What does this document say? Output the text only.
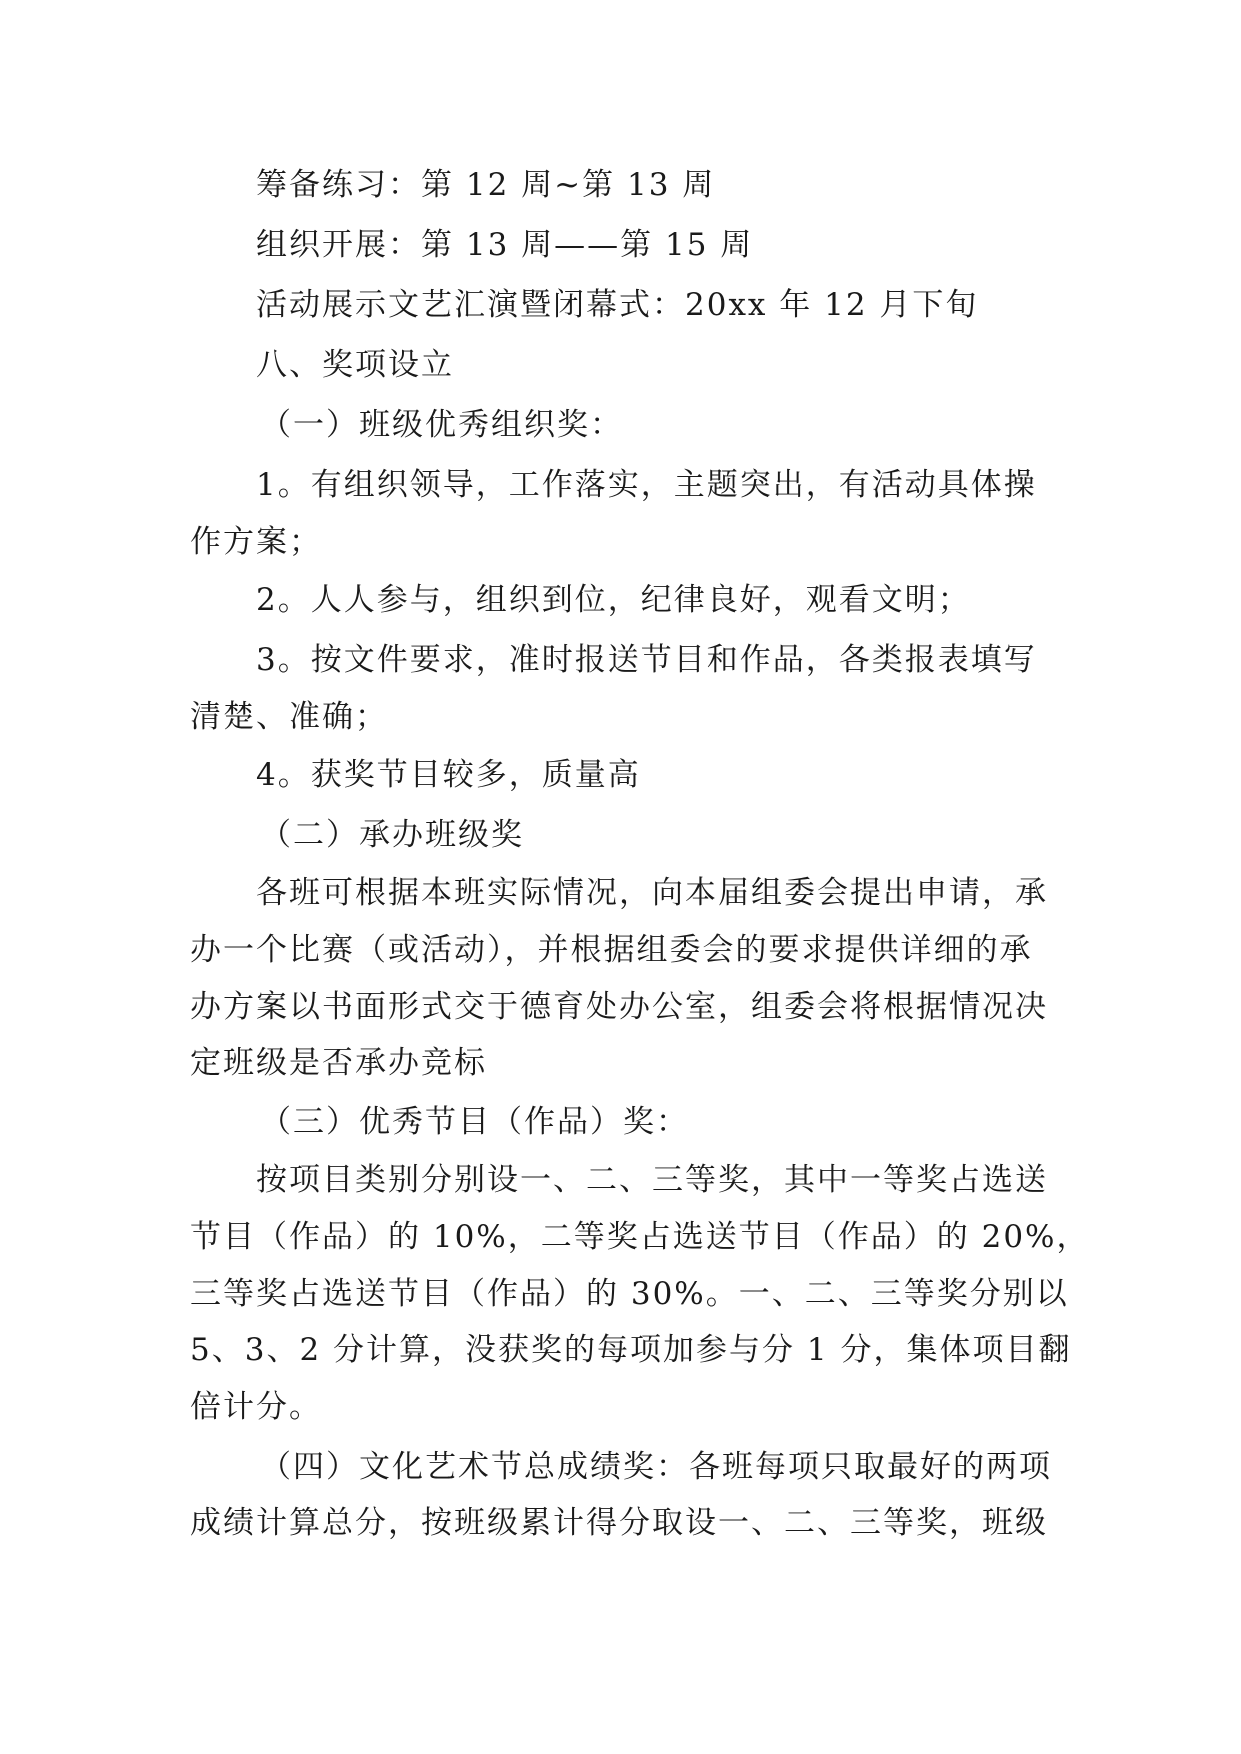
筹备练习：第 12 周~第 13 周
组织开展：第 13 周——第 15 周
活动展示文艺汇演暨闭幕式：20xx 年 12 月下旬
八、奖项设立
（一）班级优秀组织奖：
1。有组织领导，工作落实，主题突出，有活动具体操
作方案；
2。人人参与，组织到位，纪律良好，观看文明；
3。按文件要求，准时报送节目和作品，各类报表填写
清楚、准确；
4。获奖节目较多，质量高
（二）承办班级奖
各班可根据本班实际情况，向本届组委会提出申请，承
办一个比赛（或活动），并根据组委会的要求提供详细的承
办方案以书面形式交于德育处办公室，组委会将根据情况决
定班级是否承办竞标
（三）优秀节目（作品）奖：
按项目类别分别设一、二、三等奖，其中一等奖占选送
节目（作品）的 10%，二等奖占选送节目（作品）的 20%，
三等奖占选送节目（作品）的 30%。一、二、三等奖分别以
5、3、2 分计算，没获奖的每项加参与分 1 分，集体项目翻
倍计分。
（四）文化艺术节总成绩奖：各班每项只取最好的两项
成绩计算总分，按班级累计得分取设一、二、三等奖，班级
